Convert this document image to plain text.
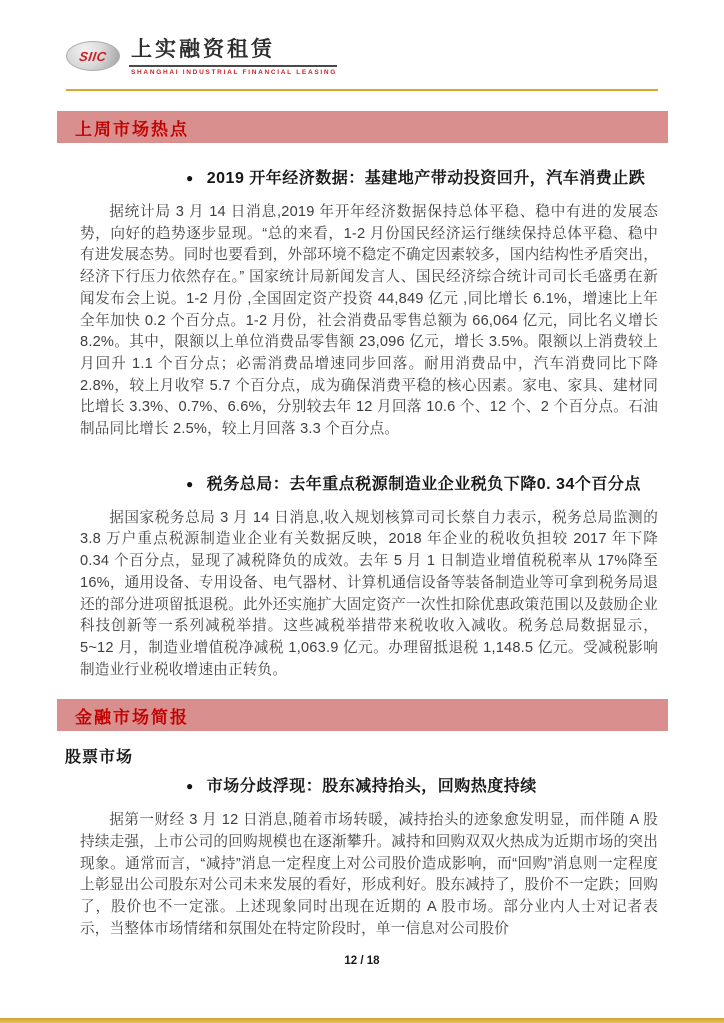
SIIC	上实融资租赁
SHANGHAI INDUSTRIAL FINANCIAL LEASING
上周市场热点
● 2019 开年经济数据：基建地产带动投资回升，汽车消费止跌
据统计局 3 月 14 日消息,2019 年开年经济数据保持总体平稳、稳中有进的发展态势，向好的趋势逐步显现。“总的来看，1-2 月份国民经济运行继续保持总体平稳、稳中有进发展态势。同时也要看到，外部环境不稳定不确定因素较多，国内结构性矛盾突出，经济下行压力依然存在。” 国家统计局新闻发言人、国民经济综合统计司司长毛盛勇在新闻发布会上说。1-2 月份 ,全国固定资产投资 44,849 亿元 ,同比增长 6.1%，增速比上年全年加快 0.2 个百分点。1-2 月份，社会消费品零售总额为 66,064 亿元，同比名义增长 8.2%。其中，限额以上单位消费品零售额 23,096 亿元，增长 3.5%。限额以上消费较上月回升 1.1 个百分点；必需消费品增速同步回落。耐用消费品中，汽车消费同比下降 2.8%，较上月收窄 5.7 个百分点，成为确保消费平稳的核心因素。家电、家具、建材同比增长 3.3%、0.7%、6.6%，分别较去年 12 月回落 10.6 个、12 个、2 个百分点。石油制品同比增长 2.5%，较上月回落 3.3 个百分点。
● 税务总局：去年重点税源制造业企业税负下降0. 34个百分点
据国家税务总局 3 月 14 日消息,收入规划核算司司长蔡自力表示，税务总局监测的 3.8 万户重点税源制造业企业有关数据反映，2018 年企业的税收负担较 2017 年下降 0.34 个百分点，显现了减税降负的成效。去年 5 月 1 日制造业增值税税率从 17%降至 16%，通用设备、专用设备、电气器材、计算机通信设备等装备制造业等可拿到税务局退还的部分进项留抵退税。此外还实施扩大固定资产一次性扣除优惠政策范围以及鼓励企业科技创新等一系列减税举措。这些减税举措带来税收收入减收。税务总局数据显示，5~12 月，制造业增值税净减税 1,063.9 亿元。办理留抵退税 1,148.5 亿元。受减税影响制造业行业税收增速由正转负。
金融市场简报
股票市场
● 市场分歧浮现：股东减持抬头，回购热度持续
据第一财经 3 月 12 日消息,随着市场转暖，减持抬头的迹象愈发明显，而伴随 A 股持续走强，上市公司的回购规模也在逐渐攀升。减持和回购双双火热成为近期市场的突出现象。通常而言，“减持”消息一定程度上对公司股价造成影响，而“回购”消息则一定程度上彰显出公司股东对公司未来发展的看好，形成利好。股东减持了，股价不一定跌；回购了，股价也不一定涨。上述现象同时出现在近期的 A 股市场。部分业内人士对记者表示，当整体市场情绪和氛围处在特定阶段时，单一信息对公司股价
12 / 18
